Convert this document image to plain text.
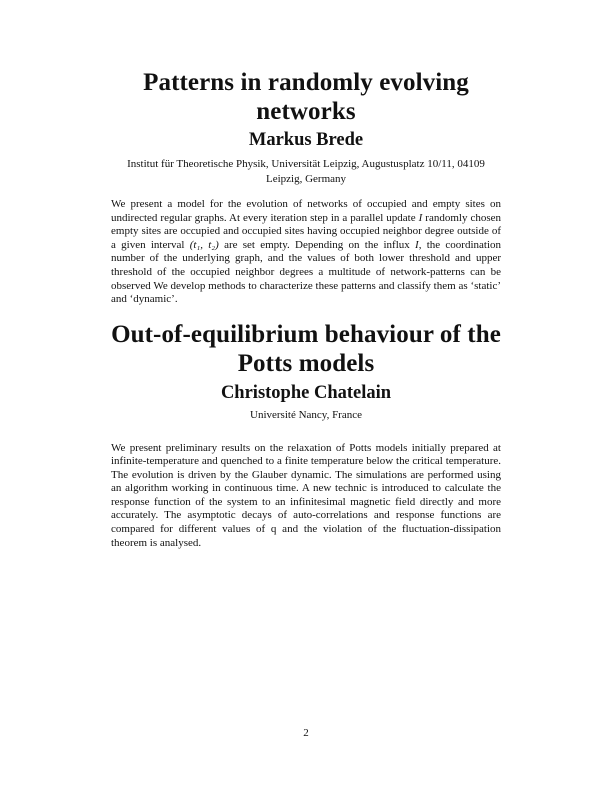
Patterns in randomly evolving networks
Markus Brede

Institut für Theoretische Physik, Universität Leipzig, Augustusplatz 10/11, 04109 Leipzig, Germany

We present a model for the evolution of networks of occupied and empty sites on undirected regular graphs. At every iteration step in a parallel update I randomly chosen empty sites are occupied and occupied sites having occupied neighbor degree outside of a given interval (t₁, t₂) are set empty. Depending on the influx I, the coordination number of the underlying graph, and the values of both lower threshold and upper threshold of the occupied neighbor degrees a multitude of network-patterns can be observed We develop methods to characterize these patterns and classify them as ‘static’ and ‘dynamic’.

Out-of-equilibrium behaviour of the Potts models
Christophe Chatelain

Université Nancy, France

We present preliminary results on the relaxation of Potts models initially prepared at infinite-temperature and quenched to a finite temperature below the critical temperature. The evolution is driven by the Glauber dynamic. The simulations are performed using an algorithm working in continuous time. A new technic is introduced to calculate the response function of the system to an infinitesimal magnetic field directly and more accurately. The asymptotic decays of auto-correlations and response functions are compared for different values of q and the violation of the fluctuation-dissipation theorem is analysed.

2
